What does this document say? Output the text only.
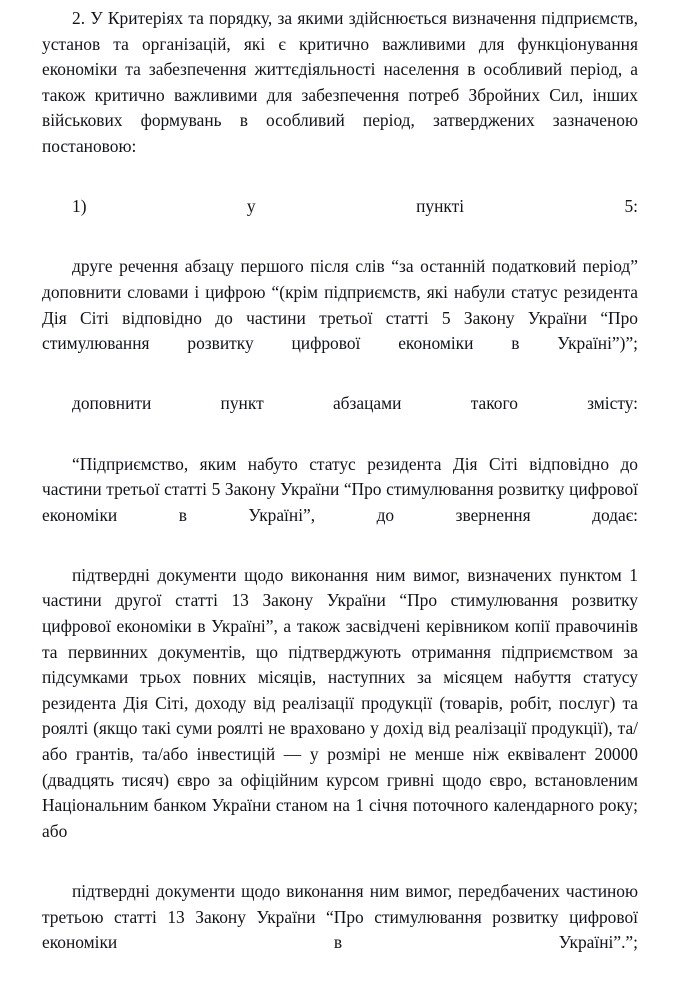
2. У Критеріях та порядку, за якими здійснюється визначення підприємств, установ та організацій, які є критично важливими для функціонування економіки та забезпечення життєдіяльності населення в особливий період, а також критично важливими для забезпечення потреб Збройних Сил, інших військових формувань в особливий період, затверджених зазначеною постановою:

1) у пункті 5:

друге речення абзацу першого після слів “за останній податковий період” доповнити словами і цифрою “(крім підприємств, які набули статус резидента Дія Сіті відповідно до частини третьої статті 5 Закону України “Про стимулювання розвитку цифрової економіки в Україні”)”;

доповнити пункт абзацами такого змісту:

“Підприємство, яким набуто статус резидента Дія Сіті відповідно до частини третьої статті 5 Закону України “Про стимулювання розвитку цифрової економіки в Україні”, до звернення додає:

підтвердні документи щодо виконання ним вимог, визначених пунктом 1 частини другої статті 13 Закону України “Про стимулювання розвитку цифрової економіки в Україні”, а також засвідчені керівником копії правочинів та первинних документів, що підтверджують отримання підприємством за підсумками трьох повних місяців, наступних за місяцем набуття статусу резидента Дія Сіті, доходу від реалізації продукції (товарів, робіт, послуг) та роялті (якщо такі суми роялті не враховано у дохід від реалізації продукції), та/або грантів, та/або інвестицій — у розмірі не менше ніж еквівалент 20000 (двадцять тисяч) євро за офіційним курсом гривні щодо євро, встановленим Національним банком України станом на 1 січня поточного календарного року; або

підтвердні документи щодо виконання ним вимог, передбачених частиною третьою статті 13 Закону України “Про стимулювання розвитку цифрової економіки в Україні”.”;
